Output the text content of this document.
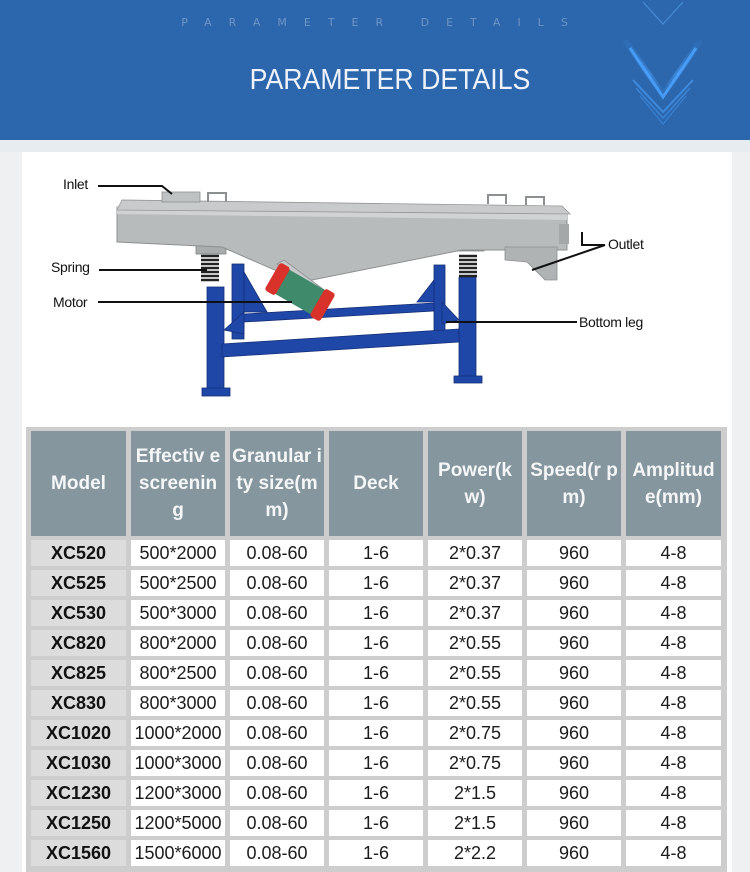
PARAMETER DETAILS
PARAMETER DETAILS
Inlet
Spring
Motor
Outlet
Bottom leg
Model	Effectiv e screenin g	Granular ity size(mm)	Deck	Power(k w)	Speed(r pm)	Amplitud e(mm)
XC520	500*2000	0.08-60	1-6	2*0.37	960	4-8
XC525	500*2500	0.08-60	1-6	2*0.37	960	4-8
XC530	500*3000	0.08-60	1-6	2*0.37	960	4-8
XC820	800*2000	0.08-60	1-6	2*0.55	960	4-8
XC825	800*2500	0.08-60	1-6	2*0.55	960	4-8
XC830	800*3000	0.08-60	1-6	2*0.55	960	4-8
XC1020	1000*2000	0.08-60	1-6	2*0.75	960	4-8
XC1030	1000*3000	0.08-60	1-6	2*0.75	960	4-8
XC1230	1200*3000	0.08-60	1-6	2*1.5	960	4-8
XC1250	1200*5000	0.08-60	1-6	2*1.5	960	4-8
XC1560	1500*6000	0.08-60	1-6	2*2.2	960	4-8
